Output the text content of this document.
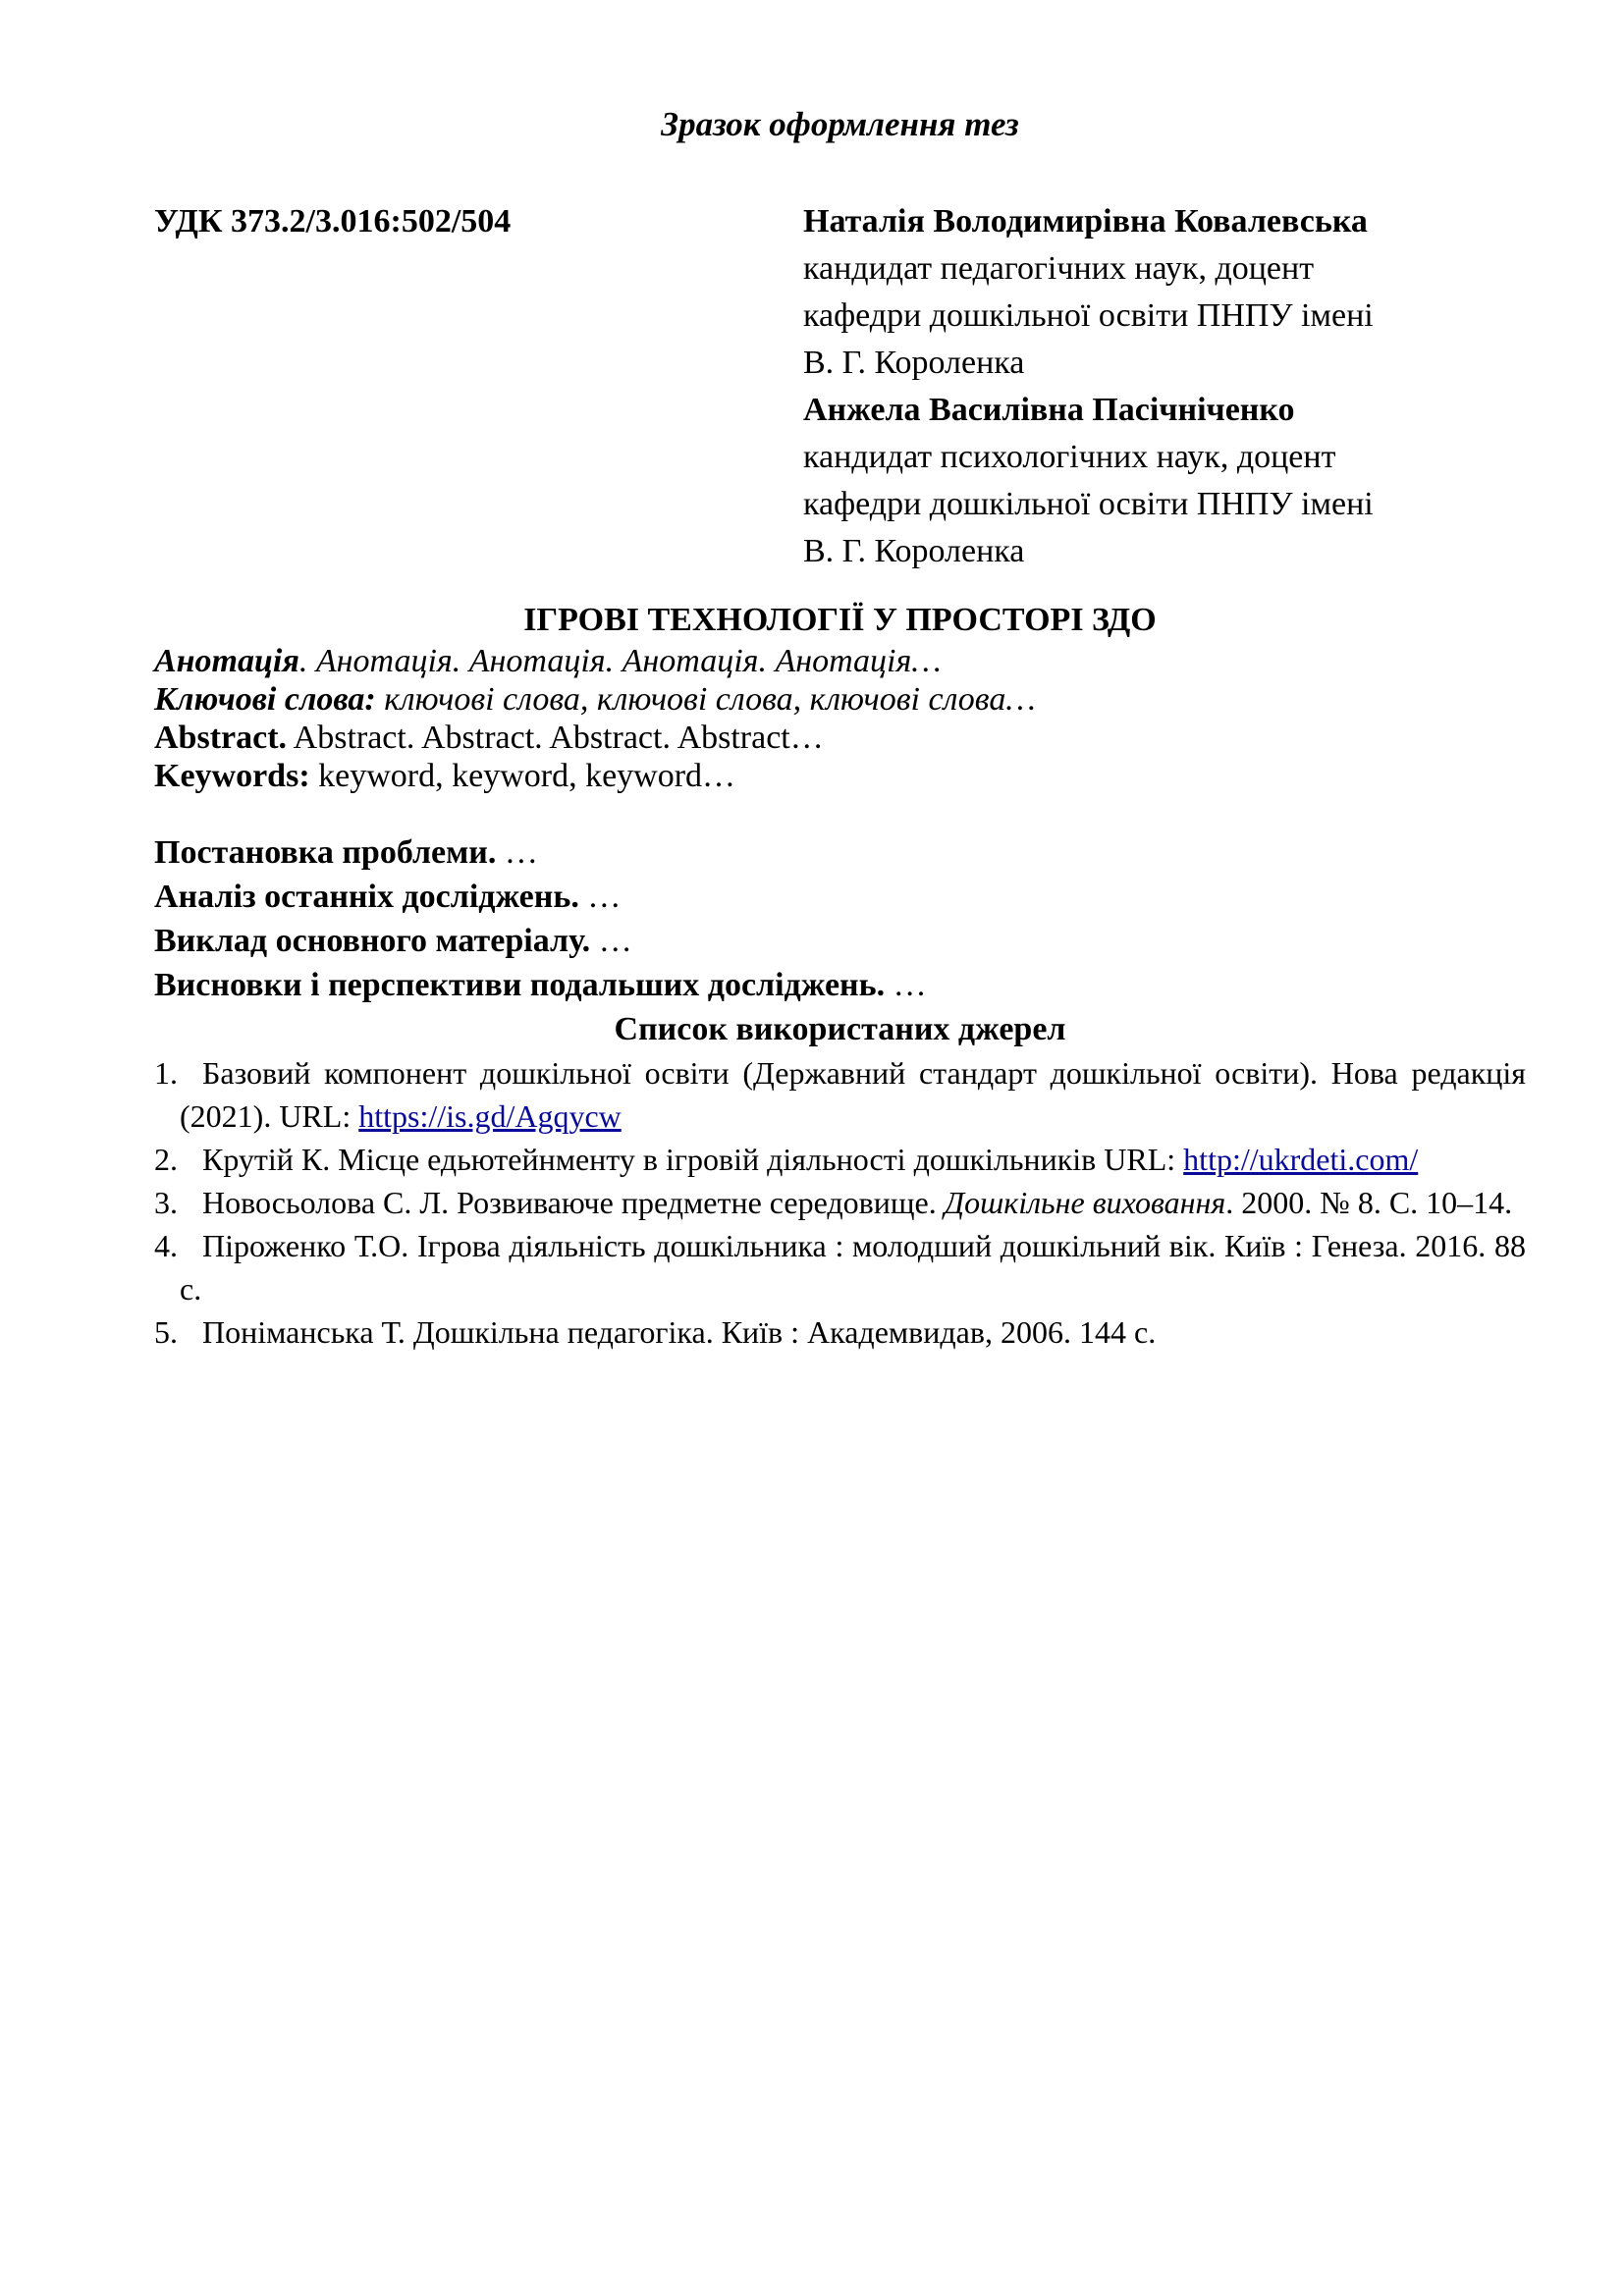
Зразок оформлення тез
УДК 373.2/3.016:502/504	Наталія Володимирівна Ковалевська
кандидат педагогічних наук, доцент
кафедри дошкільної освіти ПНПУ імені
В. Г. Короленка
Анжела Василівна Пасічніченко
кандидат психологічних наук, доцент
кафедри дошкільної освіти ПНПУ імені
В. Г. Короленка
ІГРОВІ ТЕХНОЛОГІЇ У ПРОСТОРІ ЗДО
Анотація. Анотація. Анотація. Анотація. Анотація…
Ключові слова: ключові слова, ключові слова, ключові слова…
Abstract. Abstract. Abstract. Abstract. Abstract…
Keywords: keyword, keyword, keyword…
Постановка проблеми. …
Аналіз останніх досліджень. …
Виклад основного матеріалу. …
Висновки і перспективи подальших досліджень. …
Список використаних джерел
1. Базовий компонент дошкільної освіти (Державний стандарт дошкільної освіти). Нова редакція (2021). URL: https://is.gd/Agqycw
2. Крутій К. Місце едьютейнменту в ігровій діяльності дошкільників URL: http://ukrdeti.com/
3. Новосьолова С. Л. Розвиваюче предметне середовище. Дошкільне виховання. 2000. № 8. С. 10–14.
4. Піроженко Т.О. Ігрова діяльність дошкільника : молодший дошкільний вік. Київ : Генеза. 2016. 88 с.
5. Поніманська Т. Дошкільна педагогіка. Київ : Академвидав, 2006. 144 с.
